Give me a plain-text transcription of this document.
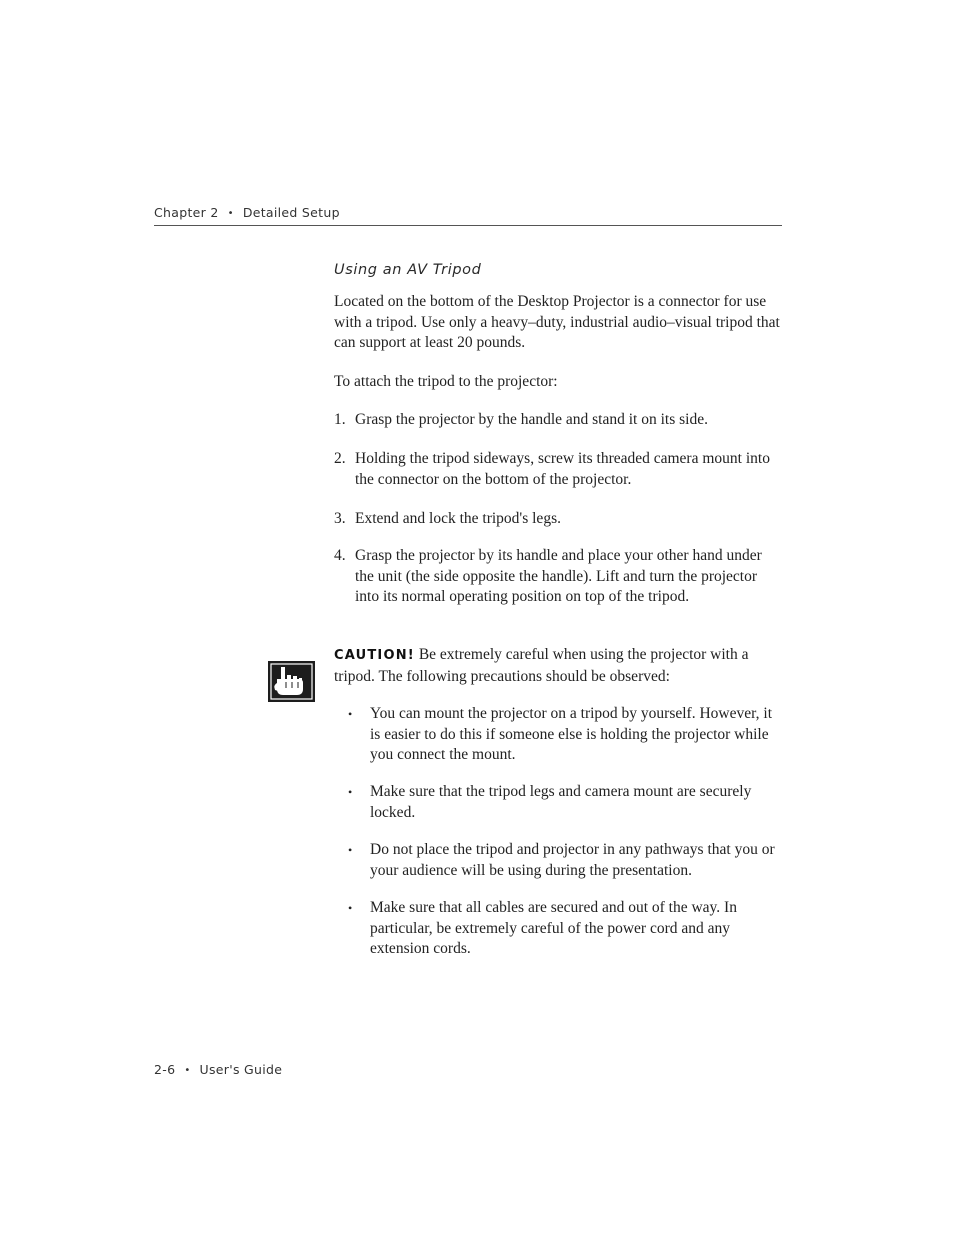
Chapter 2 • Detailed Setup
Using an AV Tripod
Located on the bottom of the Desktop Projector is a connector for use with a tripod. Use only a heavy–duty, industrial audio–visual tripod that can support at least 20 pounds.
To attach the tripod to the projector:
1. Grasp the projector by the handle and stand it on its side.
2. Holding the tripod sideways, screw its threaded camera mount into the connector on the bottom of the projector.
3. Extend and lock the tripod's legs.
4. Grasp the projector by its handle and place your other hand under the unit (the side opposite the handle). Lift and turn the projector into its normal operating position on top of the tripod.
CAUTION! Be extremely careful when using the projector with a tripod. The following precautions should be observed:
• You can mount the projector on a tripod by yourself. However, it is easier to do this if someone else is holding the projector while you connect the mount.
• Make sure that the tripod legs and camera mount are securely locked.
• Do not place the tripod and projector in any pathways that you or your audience will be using during the presentation.
• Make sure that all cables are secured and out of the way. In particular, be extremely careful of the power cord and any extension cords.
2-6 • User's Guide
